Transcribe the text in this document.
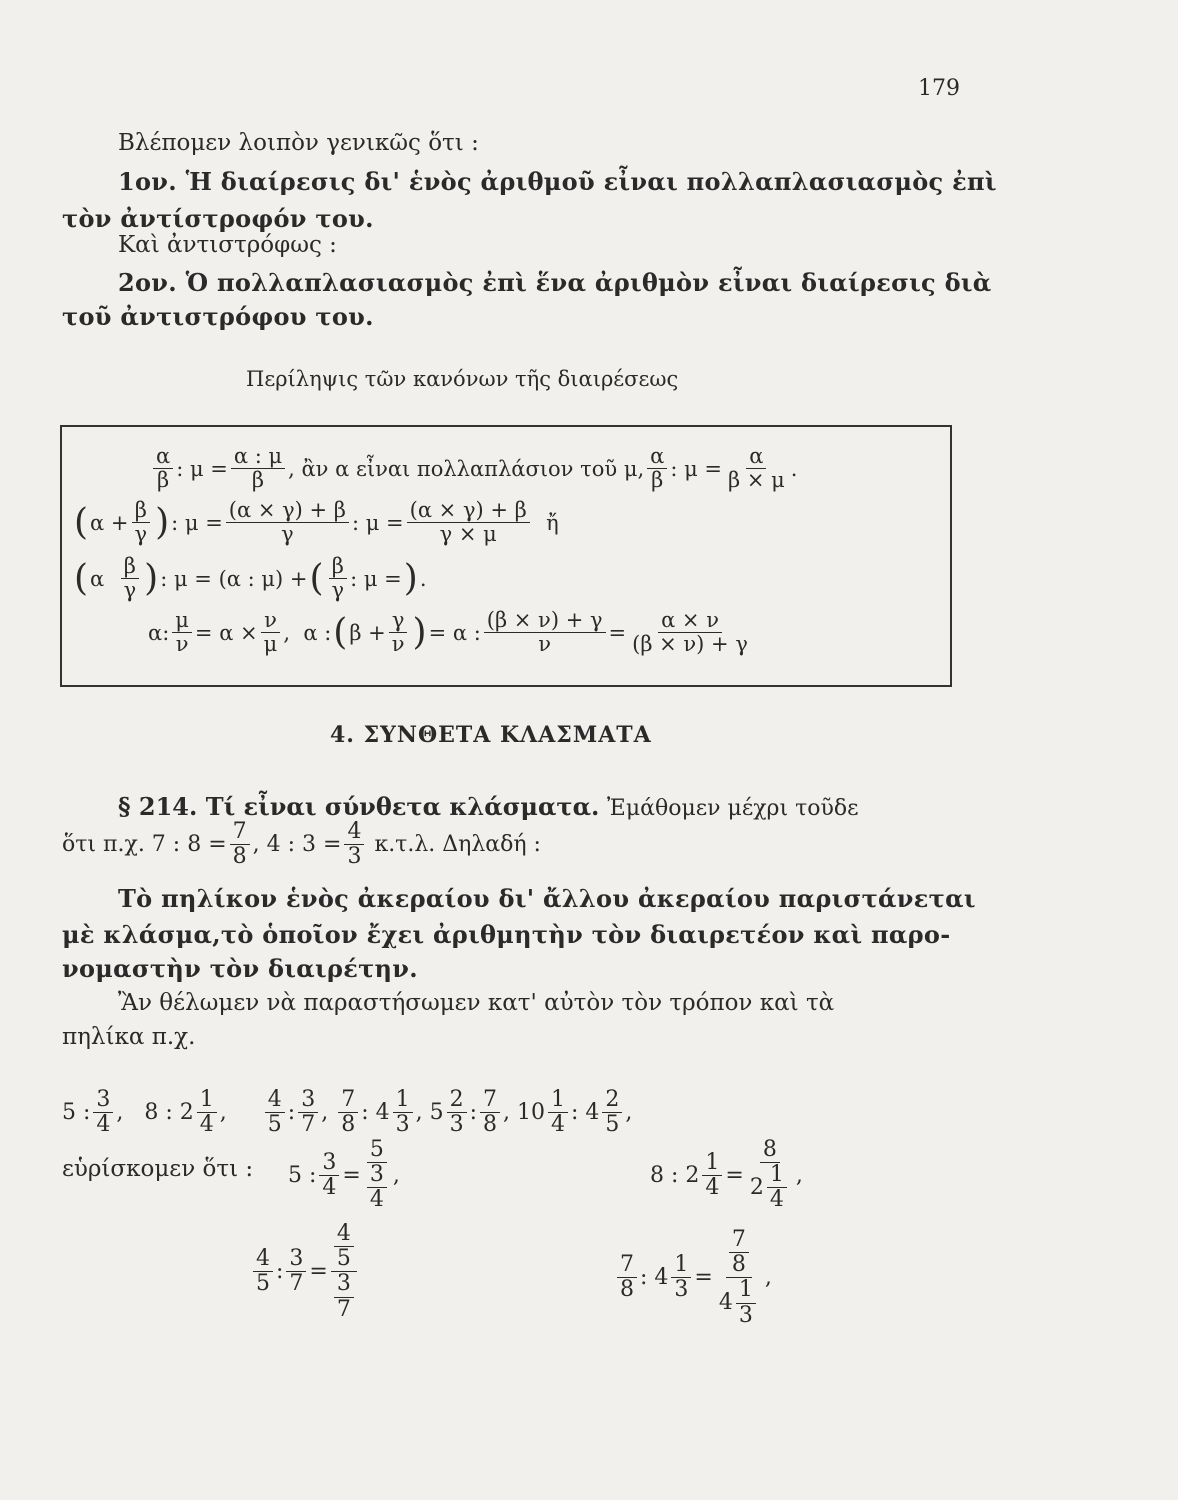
179
Βλέπομεν λοιπὸν γενικῶς ὅτι :
1ον. Ἡ διαίρεσις δι' ἑνὸς ἀριθμοῦ εἶναι πολλαπλασιασμὸς ἐπὶ
τὸν ἀντίστροφόν του.
Καὶ ἀντιστρόφως :
2ον. Ὁ πολλαπλασιασμὸς ἐπὶ ἕνα ἀριθμὸν εἶναι διαίρεσις διὰ
τοῦ ἀντιστρόφου του.
Περίληψις τῶν κανόνων τῆς διαιρέσεως
α
β : $\mu = \frac{\alpha : \mu}{\beta}$ , ἂν α εἶναι πολλαπλάσιον τοῦ μ,
α
β : $\mu = \frac{\alpha}{\beta \times \mu}$ .
( $\alpha + \frac{\beta}{\gamma}$ ) : $\mu = \frac{(\alpha \times \gamma) + \beta}{\gamma}$ : $\mu = \frac{(\alpha \times \gamma) + \beta}{\gamma \times \mu}$
ἤ
( α

β
γ ) : μ =
(α : μ) + ( β
γ : μ = ) .
α : $\frac{\mu}{\nu} = \alpha \times \frac{\nu}{\mu}$ ,  α : ( $\beta + \frac{\gamma}{\nu}$ ) = α : $\frac{(\beta \times \nu) + \gamma}{\nu} = \frac{\alpha \times \nu}{(\beta \times \nu) + \gamma}$
4. ΣΥΝΘΕΤΑ ΚΛΑΣΜΑΤΑ
§ 214. Τί εἶναι σύνθετα κλάσματα. Ἐμάθομεν μέχρι τοῦδε
ὅτι π.χ. 7 : $8 = \frac{7}{8}$ , 4 : $3 = \frac{4}{3}$
κ.τ.λ. Δηλαδή :
Τὸ πηλίκον ἑνὸς ἀκεραίου δι' ἄλλου ἀκεραίου παριστάνεται
μὲ κλάσμα,τὸ ὁποῖον ἔχει ἀριθμητὴν τὸν διαιρετέον καὶ παρο-
νομαστὴν τὸν διαιρέτην.
Ἂν θέλωμεν νὰ παραστήσωμεν κατ' αὐτὸν τὸν τρόπον καὶ τὰ
πηλίκα π.χ.
5 :
3
4 , 8 : 2
1
4 ,
4
5 :
3
7 ,
7
8 : 4
1
3 , 5
2
3 :
7
8 , 10
1
4 : 4
2
5 ,
εὑρίσκομεν ὅτι : 5 : $\frac{3}{4} = 5$
3
4 ,	8 : $2 \frac{1}{4} = 8$
2
1
4 ,
4
5 : $\frac{3}{7} = \frac{4}{5}$
3
7	7
8 : $4 \frac{1}{3} = \frac{7}{8}$
4
1
3 ,
